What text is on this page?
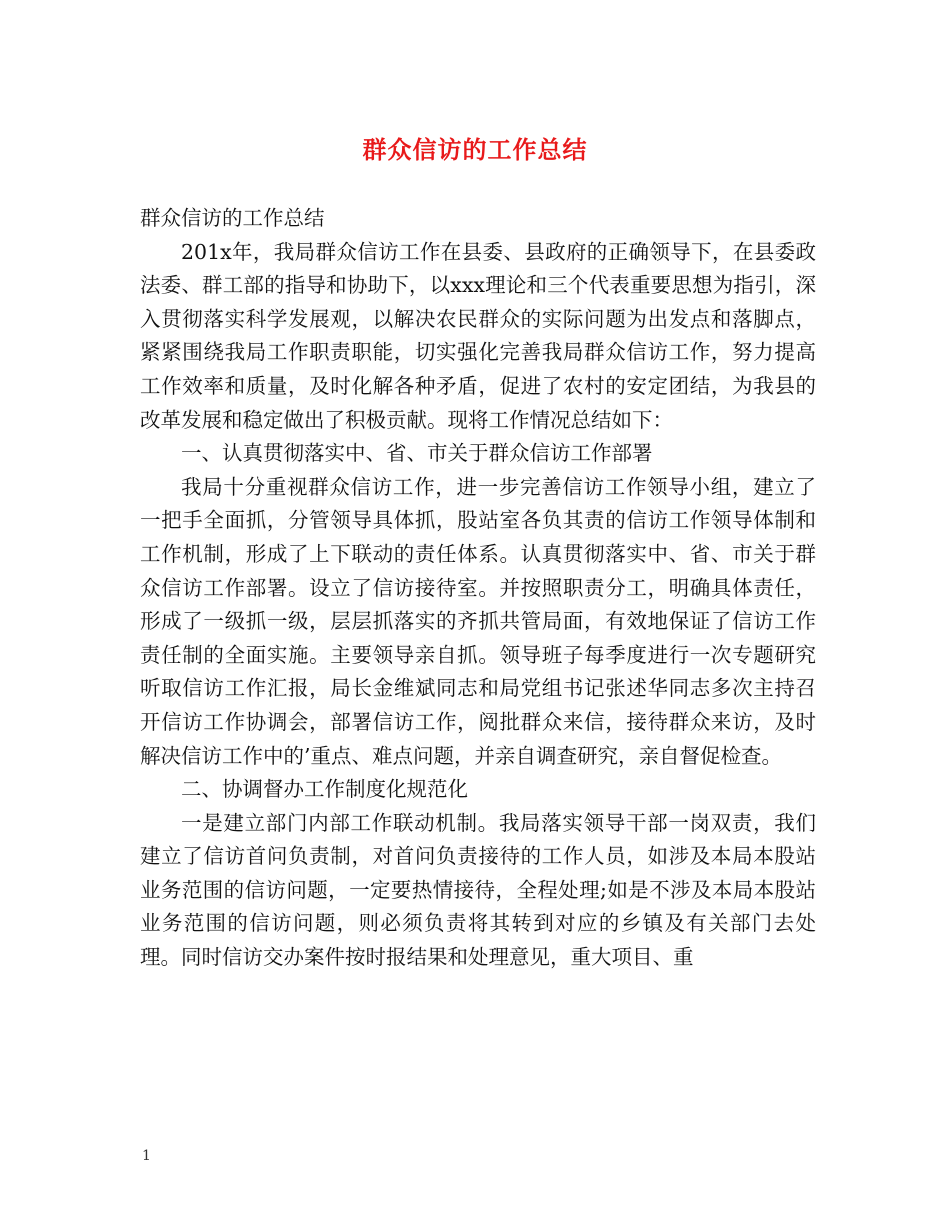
群众信访的工作总结

群众信访的工作总结

201x年，我局群众信访工作在县委、县政府的正确领导下，在县委政法委、群工部的指导和协助下，以xxx理论和三个代表重要思想为指引，深入贯彻落实科学发展观，以解决农民群众的实际问题为出发点和落脚点，紧紧围绕我局工作职责职能，切实强化完善我局群众信访工作，努力提高工作效率和质量，及时化解各种矛盾，促进了农村的安定团结，为我县的改革发展和稳定做出了积极贡献。现将工作情况总结如下：

一、认真贯彻落实中、省、市关于群众信访工作部署

我局十分重视群众信访工作，进一步完善信访工作领导小组，建立了一把手全面抓，分管领导具体抓，股站室各负其责的信访工作领导体制和工作机制，形成了上下联动的责任体系。认真贯彻落实中、省、市关于群众信访工作部署。设立了信访接待室。并按照职责分工，明确具体责任，形成了一级抓一级，层层抓落实的齐抓共管局面，有效地保证了信访工作责任制的全面实施。主要领导亲自抓。领导班子每季度进行一次专题研究听取信访工作汇报，局长金维斌同志和局党组书记张述华同志多次主持召开信访工作协调会，部署信访工作，阅批群众来信，接待群众来访，及时解决信访工作中的’重点、难点问题，并亲自调查研究，亲自督促检查。

二、协调督办工作制度化规范化

一是建立部门内部工作联动机制。我局落实领导干部一岗双责，我们建立了信访首问负责制，对首问负责接待的工作人员，如涉及本局本股站业务范围的信访问题，一定要热情接待，全程处理;如是不涉及本局本股站业务范围的信访问题，则必须负责将其转到对应的乡镇及有关部门去处理。同时信访交办案件按时报结果和处理意见，重大项目、重

1
